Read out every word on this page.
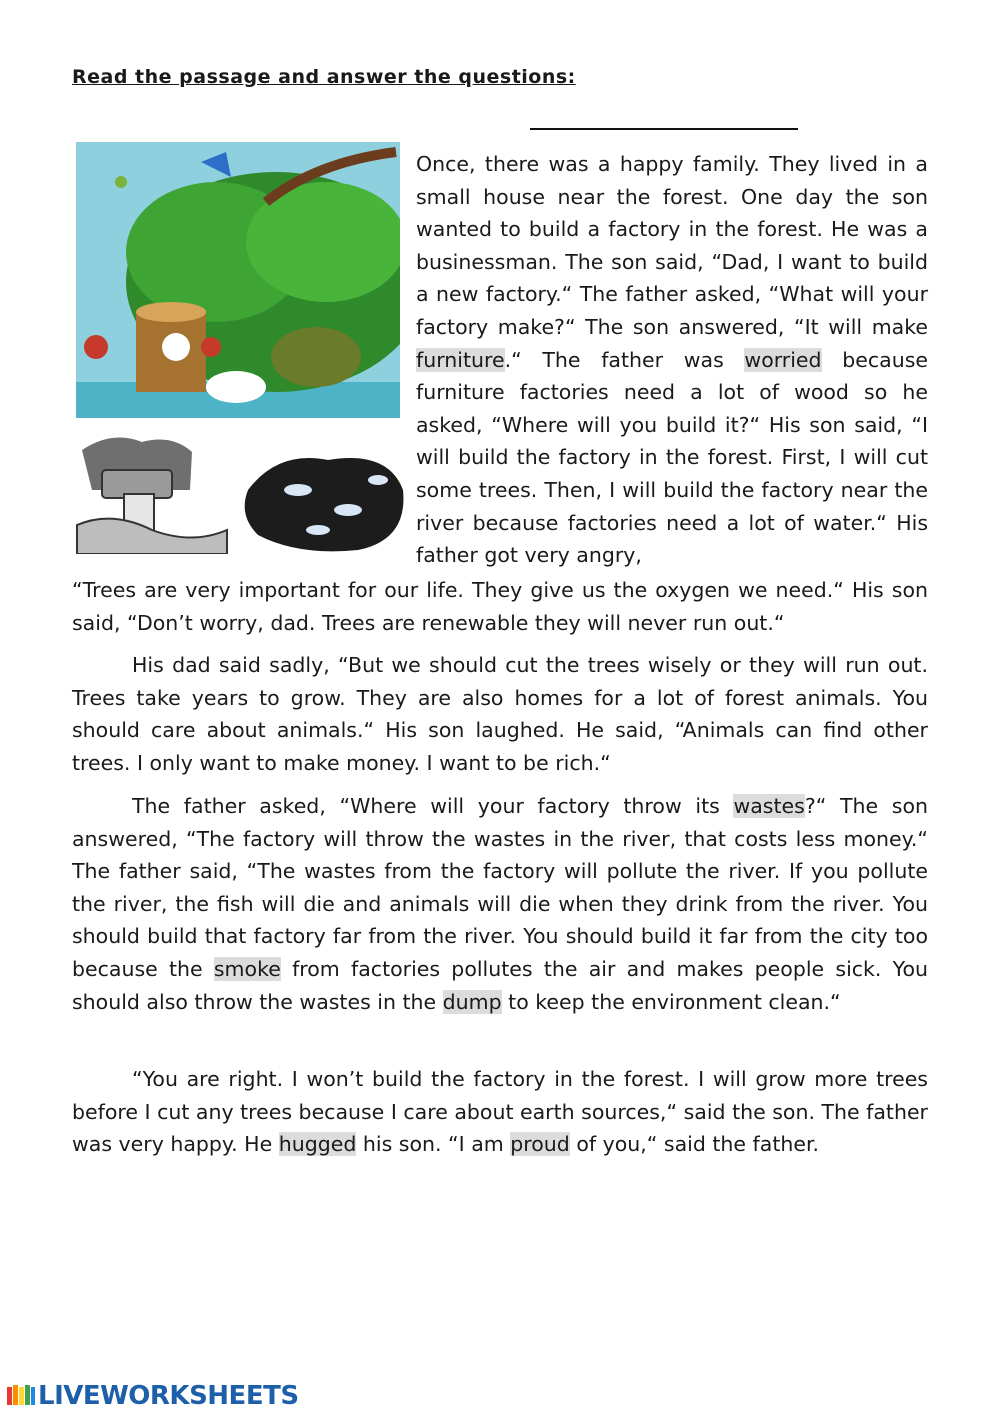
Read the passage and answer the questions:

Once, there was a happy family. They lived in a small house near the forest. One day the son wanted to build a factory in the forest. He was a businessman. The son said, “Dad, I want to build a new factory.“ The father asked, “What will your factory make?“ The son answered, “It will make furniture.“ The father was worried because furniture factories need a lot of wood so he asked, “Where will you build it?“ His son said, “I will build the factory in the forest. First, I will cut some trees. Then, I will build the factory near the river because factories need a lot of water.“ His father got very angry,

“Trees are very important for our life. They give us the oxygen we need.“ His son said, “Don’t worry, dad. Trees are renewable they will never run out.“

His dad said sadly, “But we should cut the trees wisely or they will run out. Trees take years to grow. They are also homes for a lot of forest animals. You should care about animals.“ His son laughed. He said, “Animals can find other trees. I only want to make money. I want to be rich.“

The father asked, “Where will your factory throw its wastes?“ The son answered, “The factory will throw the wastes in the river, that costs less money.“ The father said, “The wastes from the factory will pollute the river. If you pollute the river, the fish will die and animals will die when they drink from the river. You should build that factory far from the river. You should build it far from the city too because the smoke from factories pollutes the air and makes people sick. You should also throw the wastes in the dump to keep the environment clean.“

“You are right. I won’t build the factory in the forest. I will grow more trees before I cut any trees because I care about earth sources,“ said the son. The father was very happy. He hugged his son. “I am proud of you,“ said the father.

LIVEWORKSHEETS
